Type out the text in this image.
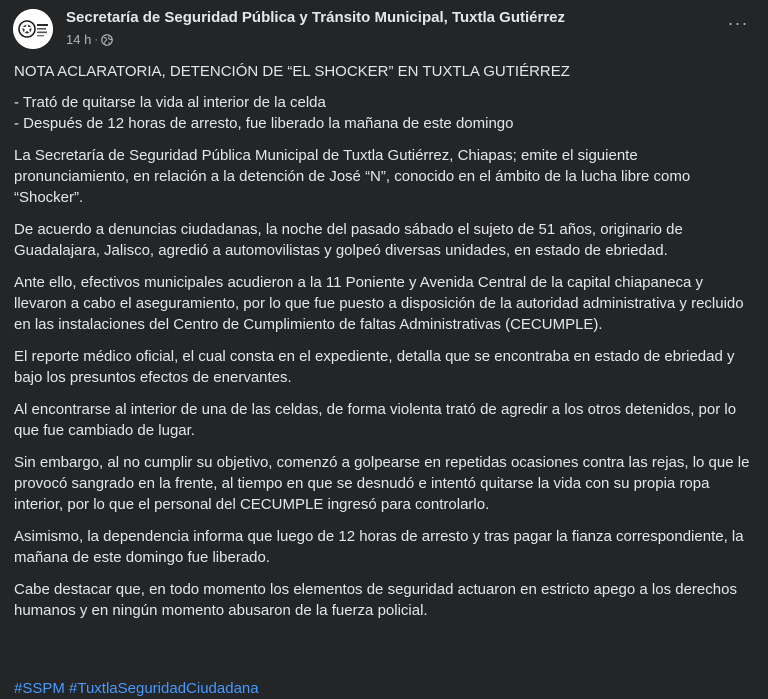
Secretaría de Seguridad Pública y Tránsito Municipal, Tuxtla Gutiérrez
14 h ·
···

NOTA ACLARATORIA, DETENCIÓN DE “EL SHOCKER” EN TUXTLA GUTIÉRREZ

- Trató de quitarse la vida al interior de la celda
- Después de 12 horas de arresto, fue liberado la mañana de este domingo

La Secretaría de Seguridad Pública Municipal de Tuxtla Gutiérrez, Chiapas; emite el siguiente pronunciamiento, en relación a la detención de José “N”, conocido en el ámbito de la lucha libre como “Shocker”.

De acuerdo a denuncias ciudadanas, la noche del pasado sábado el sujeto de 51 años, originario de Guadalajara, Jalisco, agredió a automovilistas y golpeó diversas unidades, en estado de ebriedad.

Ante ello, efectivos municipales acudieron a la 11 Poniente y Avenida Central de la capital chiapaneca y llevaron a cabo el aseguramiento, por lo que fue puesto a disposición de la autoridad administrativa y recluido en las instalaciones del Centro de Cumplimiento de faltas Administrativas (CECUMPLE).

El reporte médico oficial, el cual consta en el expediente, detalla que se encontraba en estado de ebriedad y bajo los presuntos efectos de enervantes.

Al encontrarse al interior de una de las celdas, de forma violenta trató de agredir a los otros detenidos, por lo que fue cambiado de lugar.

Sin embargo, al no cumplir su objetivo, comenzó a golpearse en repetidas ocasiones contra las rejas, lo que le provocó sangrado en la frente, al tiempo en que se desnudó e intentó quitarse la vida con su propia ropa interior, por lo que el personal del CECUMPLE ingresó para controlarlo.

Asimismo, la dependencia informa que luego de 12 horas de arresto y tras pagar la fianza correspondiente, la mañana de este domingo fue liberado.

Cabe destacar que, en todo momento los elementos de seguridad actuaron en estricto apego a los derechos humanos y en ningún momento abusaron de la fuerza policial.

#SSPM #TuxtlaSeguridadCiudadana
